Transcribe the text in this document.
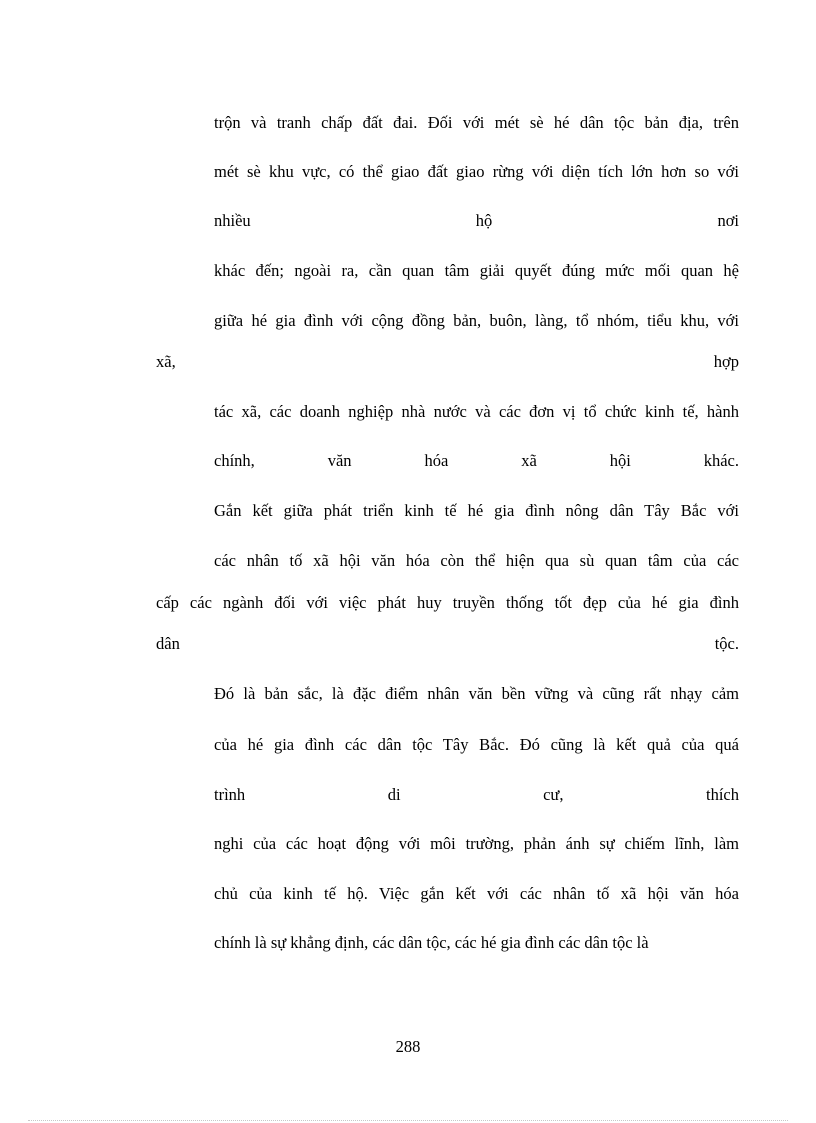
trộn và tranh chấp đất đai. Đối với mét sè hé dân tộc bản địa, trên
mét sè khu vực, có thể giao đất giao rừng với diện tích lớn hơn so với
nhiều hộ nơi
khác đến; ngoài ra, cần quan tâm giải quyết đúng mức mối quan hệ
giữa hé gia đình với cộng đồng bản, buôn, làng, tổ nhóm, tiểu khu, với
xã, hợp
tác xã, các doanh nghiệp nhà nước và các đơn vị tổ chức kinh tế, hành
chính, văn hóa xã hội khác.
Gắn kết giữa phát triển kinh tế hé gia đình nông dân Tây Bắc với
các nhân tố xã hội văn hóa còn thể hiện qua sù quan tâm của các
cấp các ngành đối với việc phát huy truyền thống tốt đẹp của hé gia đình
dân tộc.
Đó là bản sắc, là đặc điểm nhân văn bền vững và cũng rất nhạy cảm
của hé gia đình các dân tộc Tây Bắc. Đó cũng là kết quả của quá
trình di cư, thích
nghi của các hoạt động với môi trường, phản ánh sự chiếm lĩnh, làm
chủ của kinh tế hộ. Việc gắn kết với các nhân tố xã hội văn hóa
chính là sự khẳng định, các dân tộc, các hé gia đình các dân tộc là
288
